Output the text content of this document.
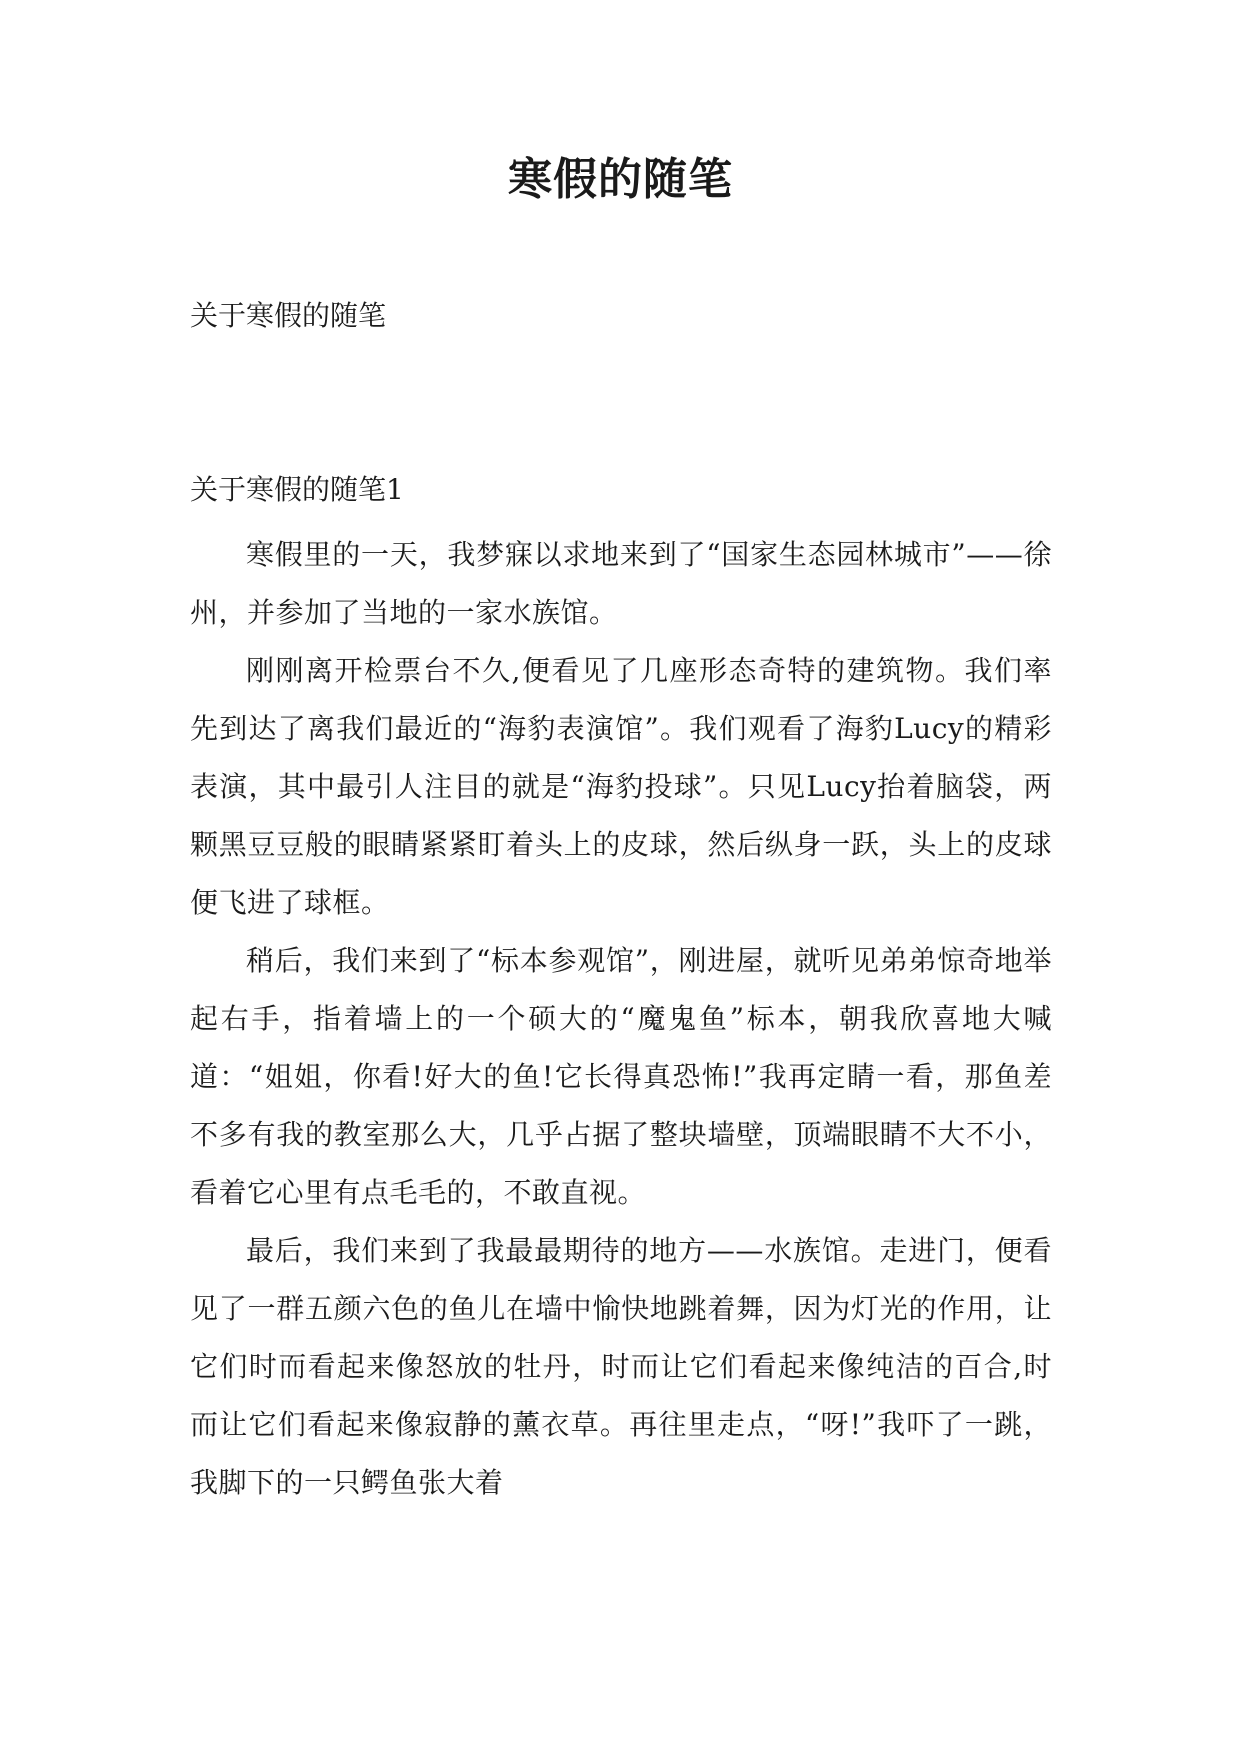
寒假的随笔

关于寒假的随笔

关于寒假的随笔1

寒假里的一天，我梦寐以求地来到了“国家生态园林城市”——徐州，并参加了当地的一家水族馆。

刚刚离开检票台不久,便看见了几座形态奇特的建筑物。我们率先到达了离我们最近的“海豹表演馆”。我们观看了海豹Lucy的精彩表演，其中最引人注目的就是“海豹投球”。只见Lucy抬着脑袋，两颗黑豆豆般的眼睛紧紧盯着头上的皮球，然后纵身一跃，头上的皮球便飞进了球框。

稍后，我们来到了“标本参观馆”，刚进屋，就听见弟弟惊奇地举起右手，指着墙上的一个硕大的“魔鬼鱼”标本，朝我欣喜地大喊道：“姐姐，你看!好大的鱼!它长得真恐怖!”我再定睛一看，那鱼差不多有我的教室那么大，几乎占据了整块墙壁，顶端眼睛不大不小，看着它心里有点毛毛的，不敢直视。

最后，我们来到了我最最期待的地方——水族馆。走进门，便看见了一群五颜六色的鱼儿在墙中愉快地跳着舞，因为灯光的作用，让它们时而看起来像怒放的牡丹，时而让它们看起来像纯洁的百合,时而让它们看起来像寂静的薰衣草。再往里走点，“呀!”我吓了一跳，我脚下的一只鳄鱼张大着
